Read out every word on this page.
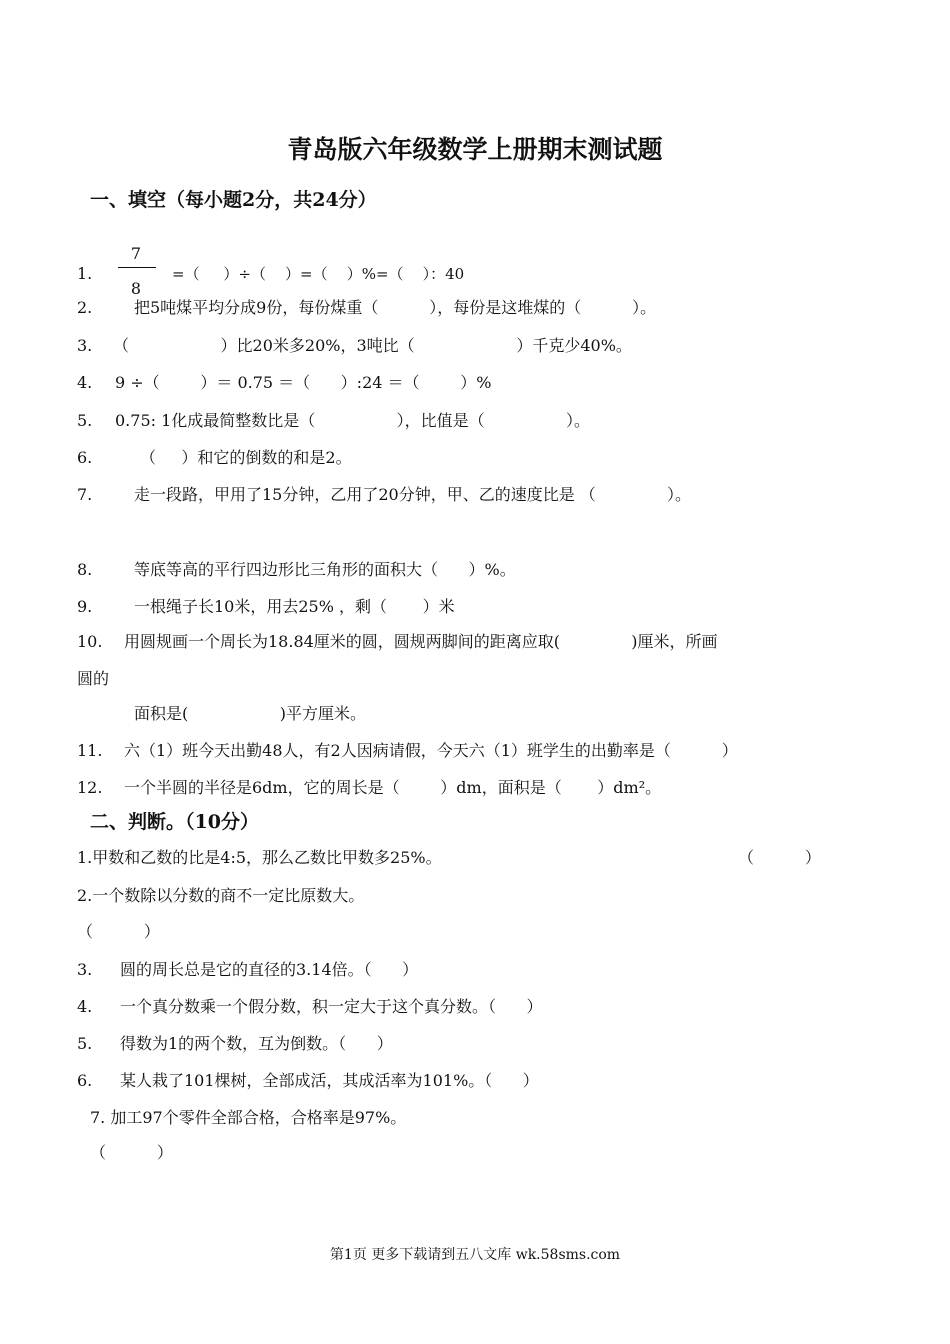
青岛版六年级数学上册期末测试题
一、填空（每小题2分，共24分）
1.
7
8
=（     ）÷（    ）=（    ）%=（    ）：40
2.	把5吨煤平均分成9份，每份煤重（          ），每份是这堆煤的（          ）。
3. （                  ）比20米多20%，3吨比（                    ）千克少40%。
4. 9 ÷（        ）＝ 0.75 ＝（      ）:24 ＝（        ）%
5. 0.75: 1化成最简整数比是（                ），比值是（                ）。
6.	（     ）和它的倒数的和是2。
7.	走一段路，甲用了15分钟，乙用了20分钟，甲、乙的速度比是 （              ）。
8.	等底等高的平行四边形比三角形的面积大（      ）%。
9.	一根绳子长10米，用去25% ，剩（       ）米
10. 用圆规画一个周长为18.84厘米的圆，圆规两脚间的距离应取(              )厘米，所画
圆的
面积是(                  )平方厘米。
11. 六（1）班今天出勤48人，有2人因病请假，今天六（1）班学生的出勤率是（          ）
12. 一个半圆的半径是6dm，它的周长是（        ）dm，面积是（       ）dm²。
二、判断。（10分）
1.甲数和乙数的比是4:5，那么乙数比甲数多25%。	（          ）
2.一个数除以分数的商不一定比原数大。
（          ）
3. 圆的周长总是它的直径的3.14倍。（      ）
4. 一个真分数乘一个假分数，积一定大于这个真分数。（      ）
5. 得数为1的两个数，互为倒数。（      ）
6. 某人栽了101棵树，全部成活，其成活率为101%。（      ）
7. 加工97个零件全部合格，合格率是97%。
（          ）
第1页 更多下载请到五八文库 wk.58sms.com
